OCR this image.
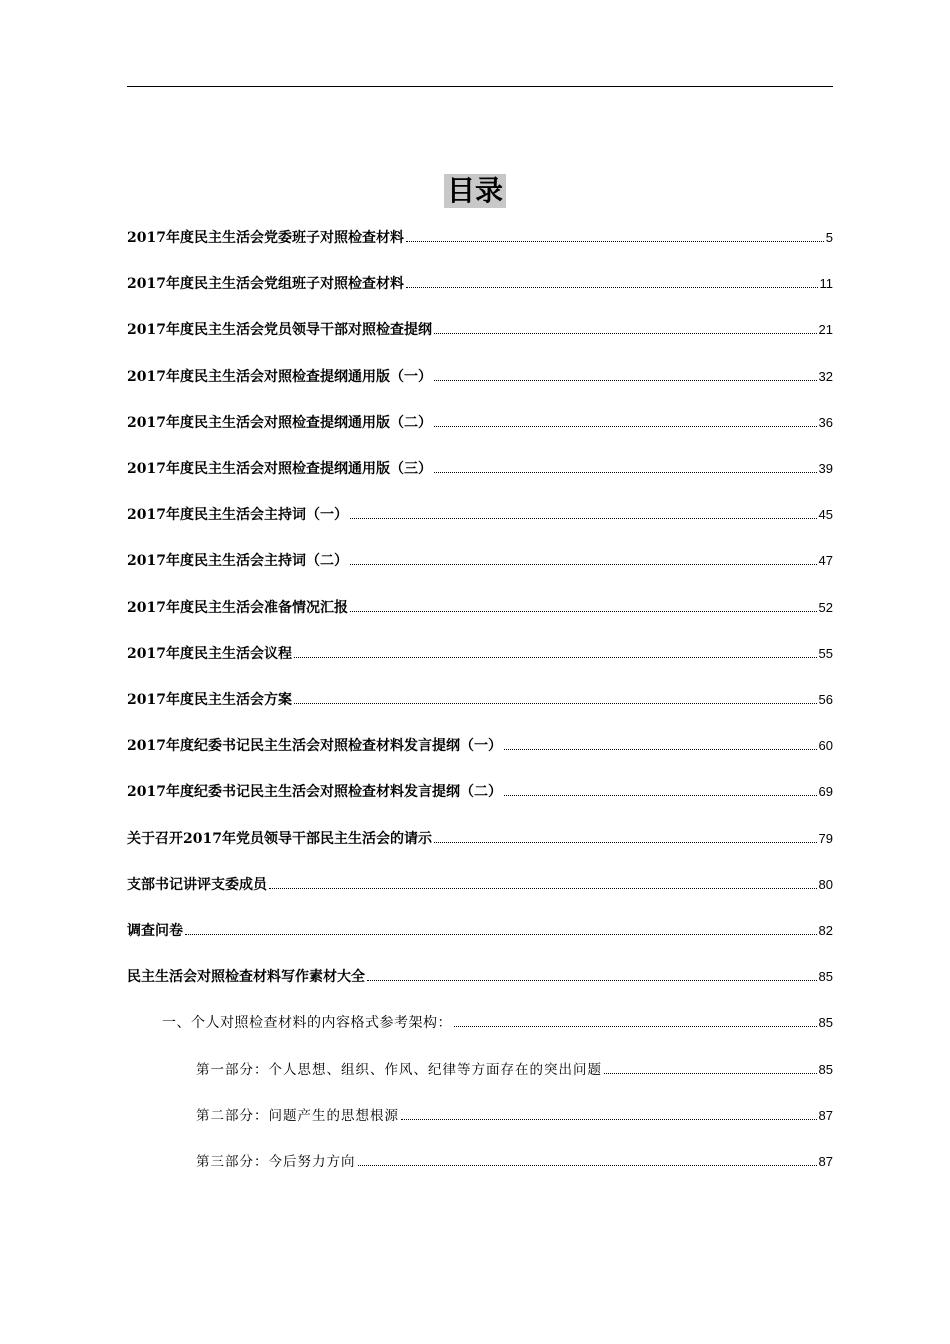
目录
2017年度民主生活会党委班子对照检查材料	5
2017年度民主生活会党组班子对照检查材料	11
2017年度民主生活会党员领导干部对照检查提纲	21
2017年度民主生活会对照检查提纲通用版（一）	32
2017年度民主生活会对照检查提纲通用版（二）	36
2017年度民主生活会对照检查提纲通用版（三）	39
2017年度民主生活会主持词（一）	45
2017年度民主生活会主持词（二）	47
2017年度民主生活会准备情况汇报	52
2017年度民主生活会议程	55
2017年度民主生活会方案	56
2017年度纪委书记民主生活会对照检查材料发言提纲（一）	60
2017年度纪委书记民主生活会对照检查材料发言提纲（二）	69
关于召开2017年党员领导干部民主生活会的请示	79
支部书记讲评支委成员	80
调查问卷	82
民主生活会对照检查材料写作素材大全	85
一、个人对照检查材料的内容格式参考架构：	85
第一部分：个人思想、组织、作风、纪律等方面存在的突出问题	85
第二部分：问题产生的思想根源	87
第三部分：今后努力方向	87
